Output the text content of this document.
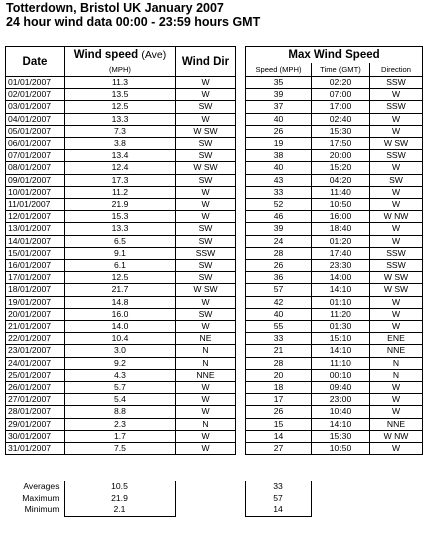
Totterdown, Bristol UK January 2007
24 hour wind data 00:00 - 23:59 hours GMT
Date	Wind speed (Ave)	Wind Dir		Max Wind Speed		
	(MPH)			Speed (MPH)	Time (GMT)	Direction
01/01/2007	11.3	W		35	02:20	SSW
02/01/2007	13.5	W		39	07:00	W
03/01/2007	12.5	SW		37	17:00	SSW
04/01/2007	13.3	W		40	02:40	W
05/01/2007	7.3	W SW		26	15:30	W
06/01/2007	3.8	SW		19	17:50	W SW
07/01/2007	13.4	SW		38	20:00	SSW
08/01/2007	12.4	W SW		40	15:20	W
09/01/2007	17.3	SW		43	04:20	SW
10/01/2007	11.2	W		33	11:40	W
11/01/2007	21.9	W		52	10:50	W
12/01/2007	15.3	W		46	16:00	W NW
13/01/2007	13.3	SW		39	18:40	W
14/01/2007	6.5	SW		24	01:20	W
15/01/2007	9.1	SSW		28	17:40	SSW
16/01/2007	6.1	SW		26	23:30	SSW
17/01/2007	12.5	SW		36	14:00	W SW
18/01/2007	21.7	W SW		57	14:10	W SW
19/01/2007	14.8	W		42	01:10	W
20/01/2007	16.0	SW		40	11:20	W
21/01/2007	14.0	W		55	01:30	W
22/01/2007	10.4	NE		33	15:10	ENE
23/01/2007	3.0	N		21	14:10	NNE
24/01/2007	9.2	N		28	11:10	N
25/01/2007	4.3	NNE		20	00:10	N
26/01/2007	5.7	W		18	09:40	W
27/01/2007	5.4	W		17	23:00	W
28/01/2007	8.8	W		26	10:40	W
29/01/2007	2.3	N		15	14:10	NNE
30/01/2007	1.7	W		14	15:30	W NW
31/01/2007	7.5	W		27	10:50	W
Averages	10.5			33
Maximum	21.9			57
Minimum	2.1			14
